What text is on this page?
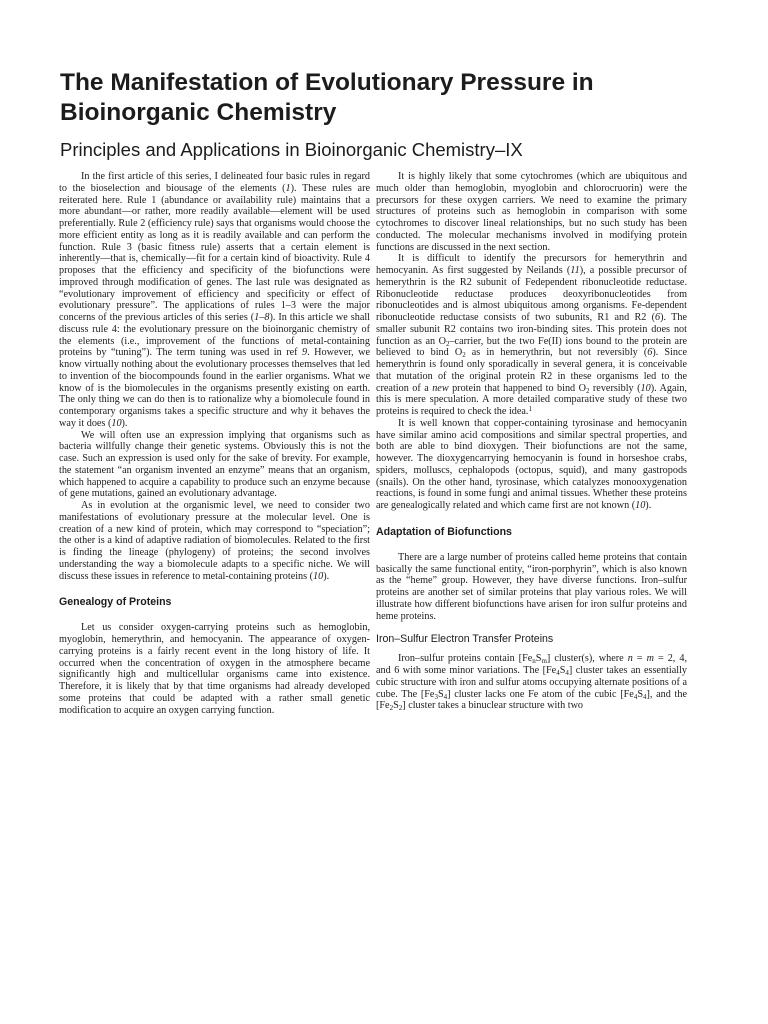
The Manifestation of Evolutionary Pressure in Bioinorganic Chemistry
Principles and Applications in Bioinorganic Chemistry–IX

In the first article of this series, I delineated four basic rules in regard to the bioselection and biousage of the elements (1). These rules are reiterated here. Rule 1 (abundance or availability rule) maintains that a more abundant—or rather, more readily available—element will be used preferentially. Rule 2 (efficiency rule) says that organisms would choose the more efficient entity as long as it is readily available and can perform the function. Rule 3 (basic fitness rule) asserts that a certain element is inherently—that is, chemically—fit for a certain kind of bioactivity. Rule 4 proposes that the efficiency and specificity of the biofunctions were improved through modification of genes. The last rule was designated as “evolutionary improvement of efficiency and specificity or effect of evolutionary pressure”. The applications of rules 1–3 were the major concerns of the previous articles of this series (1–8). In this article we shall discuss rule 4: the evolutionary pressure on the bioinorganic chemistry of the elements (i.e., improvement of the functions of metal-containing proteins by “tuning”). The term tuning was used in ref 9. However, we know virtually nothing about the evolutionary processes themselves that led to invention of the biocompounds found in the earlier organisms. What we know of is the biomolecules in the organisms presently existing on earth. The only thing we can do then is to rationalize why a biomolecule found in contemporary organisms takes a specific structure and why it behaves the way it does (10).

We will often use an expression implying that organisms such as bacteria willfully change their genetic systems. Obviously this is not the case. Such an expression is used only for the sake of brevity. For example, the statement “an organism invented an enzyme” means that an organism, which happened to acquire a capability to produce such an enzyme because of gene mutations, gained an evolutionary advantage.

As in evolution at the organismic level, we need to consider two manifestations of evolutionary pressure at the molecular level. One is creation of a new kind of protein, which may correspond to “speciation”; the other is a kind of adaptive radiation of biomolecules. Related to the first is finding the lineage (phylogeny) of proteins; the second involves understanding the way a biomolecule adapts to a specific niche. We will discuss these issues in reference to metal-containing proteins (10).

Genealogy of Proteins

Let us consider oxygen-carrying proteins such as hemoglobin, myoglobin, hemerythrin, and hemocyanin. The appearance of oxygen-carrying proteins is a fairly recent event in the long history of life. It occurred when the concentration of oxygen in the atmosphere became significantly high and multicellular organisms came into existence. Therefore, it is likely that by that time organisms had already developed some proteins that could be adapted with a rather small genetic modification to acquire an oxygen carrying function.

It is highly likely that some cytochromes (which are ubiquitous and much older than hemoglobin, myoglobin and chlorocruorin) were the precursors for these oxygen carriers. We need to examine the primary structures of proteins such as hemoglobin in comparison with some cytochromes to discover lineal relationships, but no such study has been conducted. The molecular mechanisms involved in modifying protein functions are discussed in the next section.

It is difficult to identify the precursors for hemerythrin and hemocyanin. As first suggested by Neilands (11), a possible precursor of hemerythrin is the R2 subunit of Fedependent ribonucleotide reductase. Ribonucleotide reductase produces deoxyribonucleotides from ribonucleotides and is almost ubiquitous among organisms. Fe-dependent ribonucleotide reductase consists of two subunits, R1 and R2 (6). The smaller subunit R2 contains two iron-binding sites. This protein does not function as an $O_2$–carrier, but the two Fe(II) ions bound to the protein are believed to bind $O_2$ as in hemerythrin, but not reversibly (6). Since hemerythrin is found only sporadically in several genera, it is conceivable that mutation of the original protein R2 in these organisms led to the creation of a new protein that happened to bind $O_2$ reversibly (10). Again, this is mere speculation. A more detailed comparative study of these two proteins is required to check the idea.$^1$

It is well known that copper-containing tyrosinase and hemocyanin have similar amino acid compositions and similar spectral properties, and both are able to bind dioxygen. Their biofunctions are not the same, however. The dioxygencarrying hemocyanin is found in horseshoe crabs, spiders, molluscs, cephalopods (octopus, squid), and many gastropods (snails). On the other hand, tyrosinase, which catalyzes monooxygenation reactions, is found in some fungi and animal tissues. Whether these proteins are genealogically related and which came first are not known (10).

Adaptation of Biofunctions

There are a large number of proteins called heme proteins that contain basically the same functional entity, “iron-porphyrin”, which is also known as the “heme” group. However, they have diverse functions. Iron–sulfur proteins are another set of similar proteins that play various roles. We will illustrate how different biofunctions have arisen for iron sulfur proteins and heme proteins.

Iron–Sulfur Electron Transfer Proteins

Iron–sulfur proteins contain $[Fe_nS_m]$ cluster(s), where n = m = 2, 4, and 6 with some minor variations. The $[Fe_4S_4]$ cluster takes an essentially cubic structure with iron and sulfur atoms occupying alternate positions of a cube. The $[Fe_3S_4]$ cluster lacks one Fe atom of the cubic $[Fe_4S_4]$, and the $[Fe_2S_2]$ cluster takes a binuclear structure with two
